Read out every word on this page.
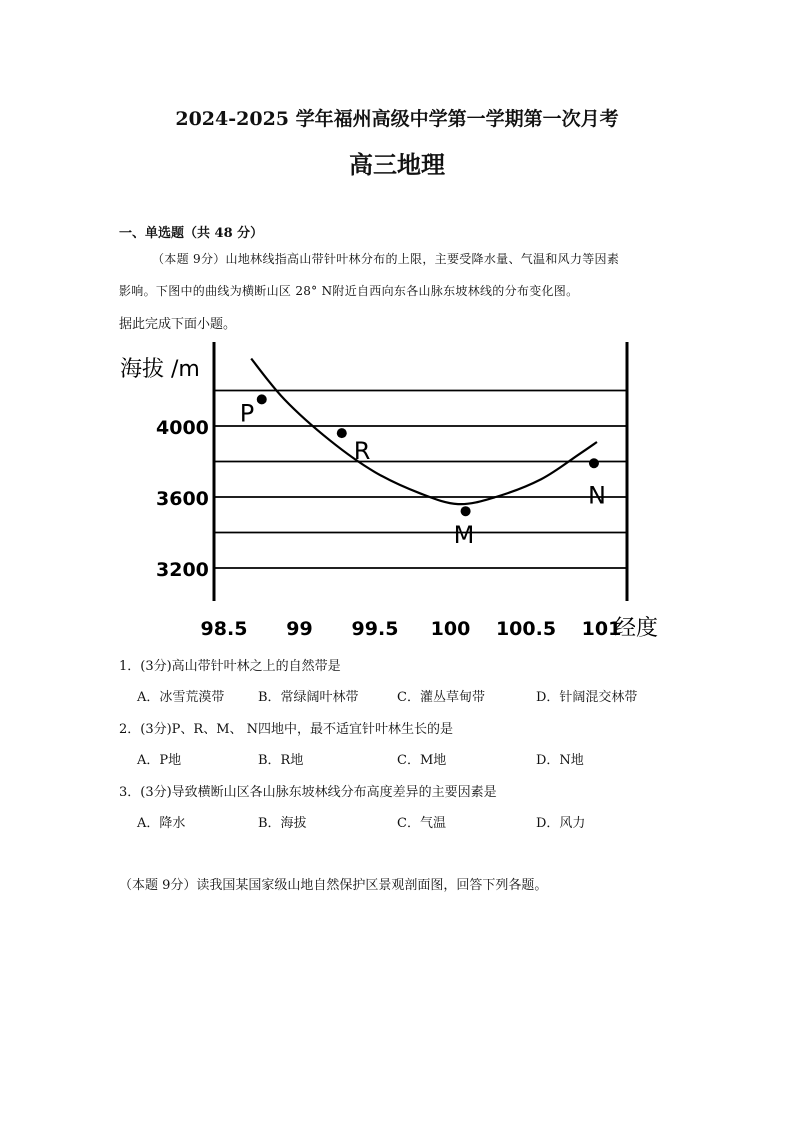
2024-2025 学年福州高级中学第一学期第一次月考
高三地理
一、单选题（共 48 分）
（本题 9分）山地林线指高山带针叶林分布的上限，主要受降水量、气温和风力等因素
影响。下图中的曲线为横断山区 28° N附近自西向东各山脉东坡林线的分布变化图。
据此完成下面小题。
海拔 /m
4000
3600
3200
98.5 99 99.5 100 100.5 101
经度
P
R
M
N
1．(3分)高山带针叶林之上的自然带是
A．冰雪荒漠带	B．常绿阔叶林带	C．灌丛草甸带	D．针阔混交林带
2．(3分)P、R、M、 N四地中，最不适宜针叶林生长的是
A．P地	B．R地	C．M地	D．N地
3．(3分)导致横断山区各山脉东坡林线分布高度差异的主要因素是
A．降水	B．海拔	C．气温	D．风力
（本题 9分）读我国某国家级山地自然保护区景观剖面图，回答下列各题。
